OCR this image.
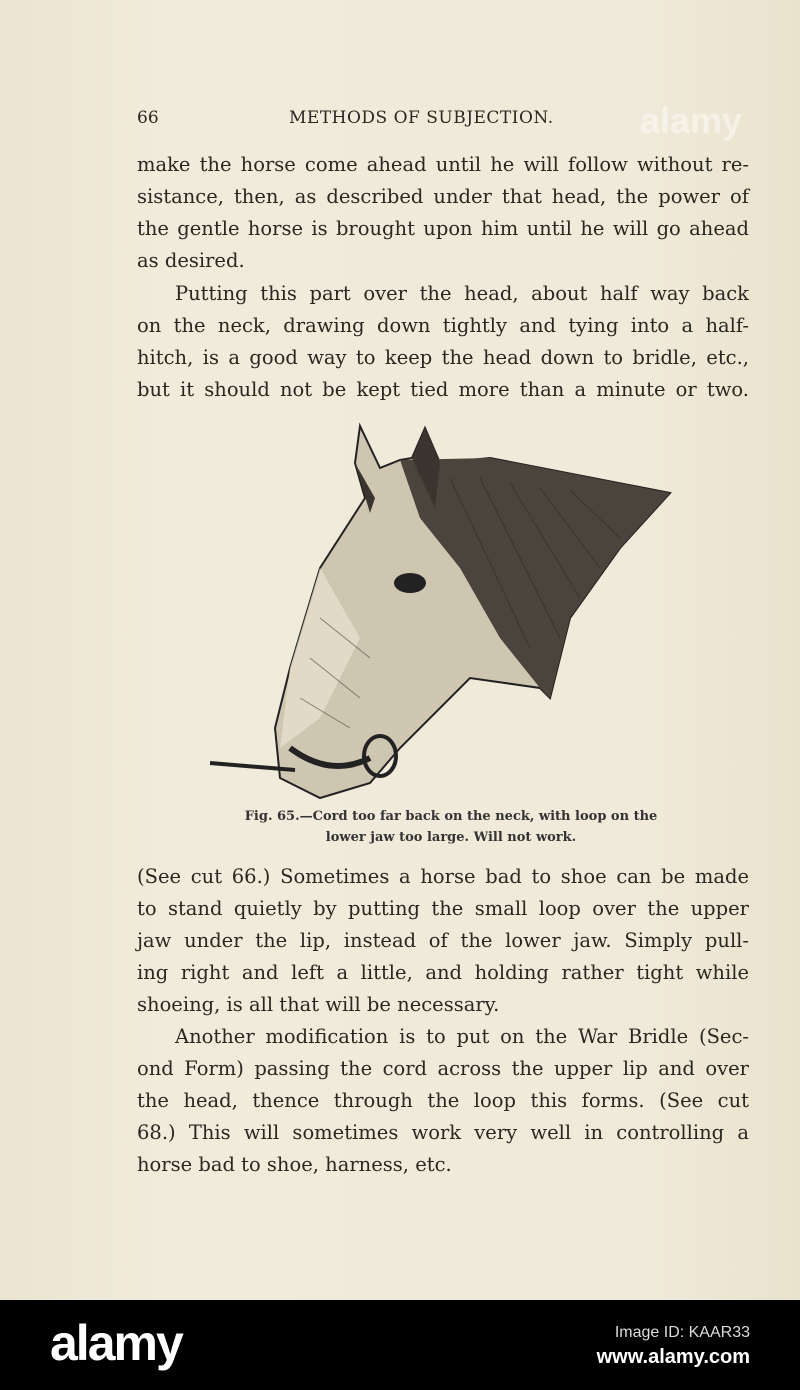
alamy
66	METHODS OF SUBJECTION.
make the horse come ahead until he will follow without re-
sistance, then, as described under that head, the power of
the gentle horse is brought upon him until he will go ahead
as desired.
Putting this part over the head, about half way back
on the neck, drawing down tightly and tying into a half-
hitch, is a good way to keep the head down to bridle, etc.,
but it should not be kept tied more than a minute or two.
Fig. 65.—Cord too far back on the neck, with loop on the
lower jaw too large. Will not work.
(See cut 66.) Sometimes a horse bad to shoe can be made
to stand quietly by putting the small loop over the upper
jaw under the lip, instead of the lower jaw. Simply pull-
ing right and left a little, and holding rather tight while
shoeing, is all that will be necessary.
Another modification is to put on the War Bridle (Sec-
ond Form) passing the cord across the upper lip and over
the head, thence through the loop this forms. (See cut
68.) This will sometimes work very well in controlling a
horse bad to shoe, harness, etc.
alamy	Image ID: KAAR33
www.alamy.com
